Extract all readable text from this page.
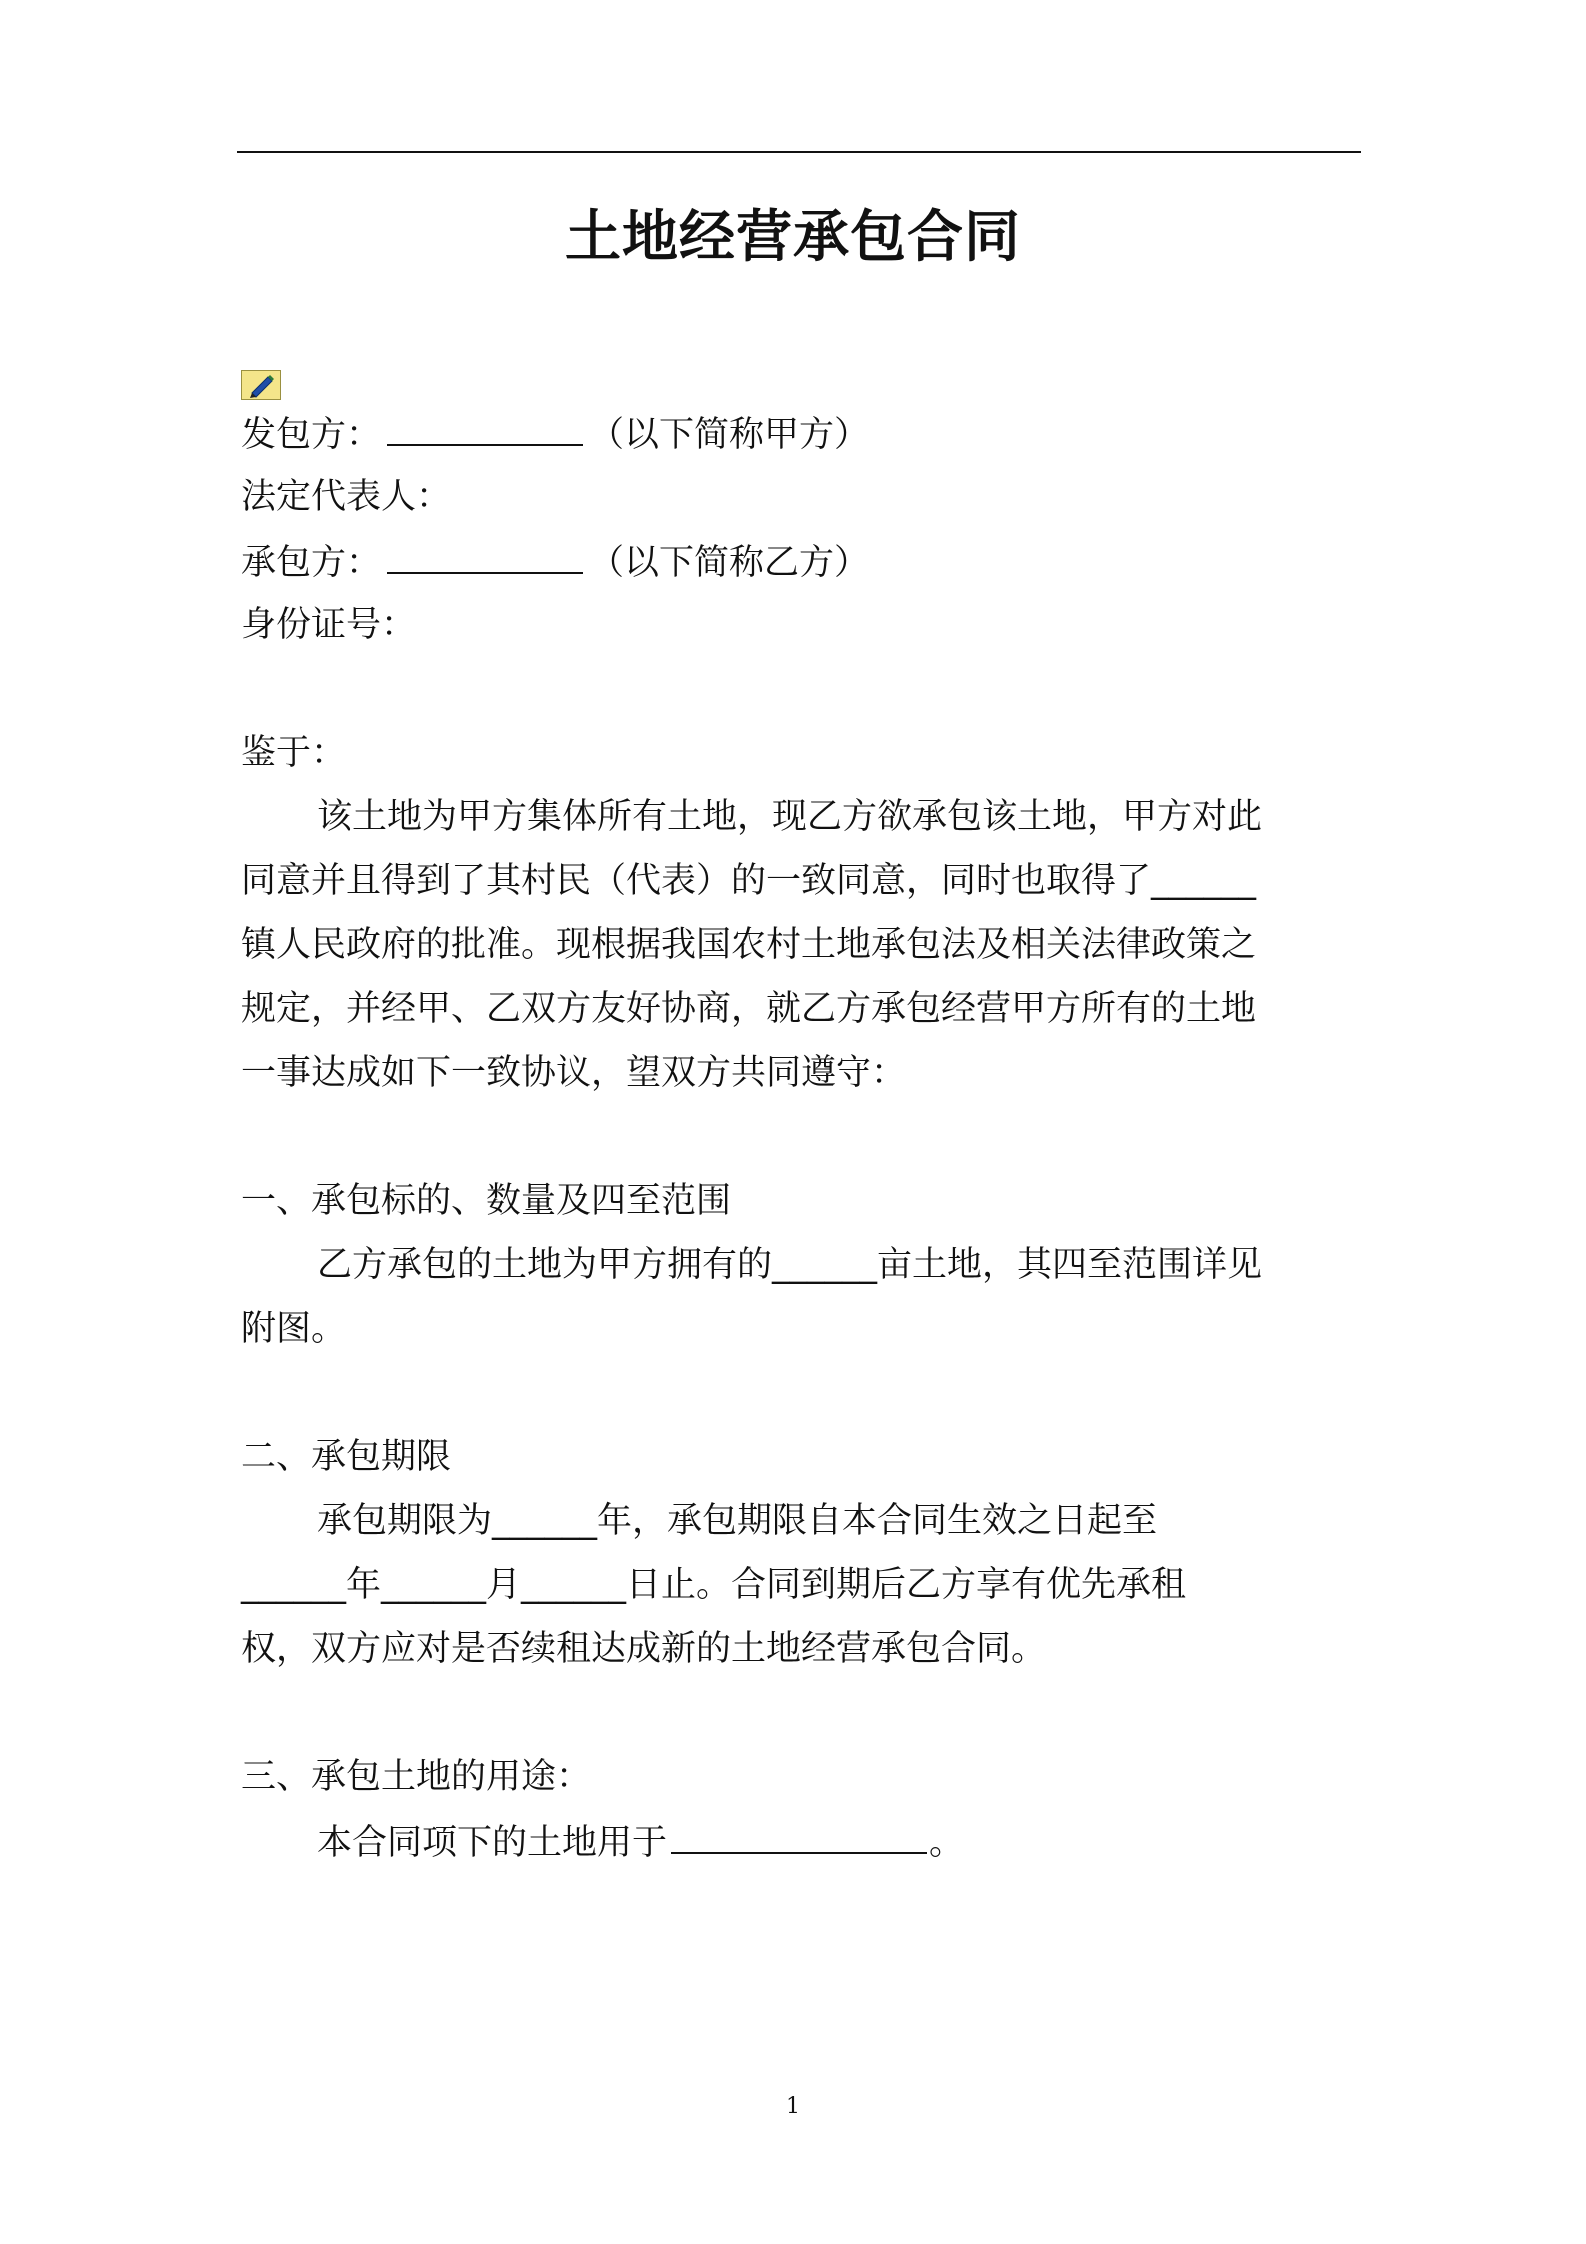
土地经营承包合同
发包方：	（以下简称甲方）
法定代表人：
承包方：	（以下简称乙方）
身份证号：
鉴于：
该土地为甲方集体所有土地，现乙方欲承包该土地，甲方对此
同意并且得到了其村民（代表）的一致同意，同时也取得了______
镇人民政府的批准。现根据我国农村土地承包法及相关法律政策之
规定，并经甲、乙双方友好协商，就乙方承包经营甲方所有的土地
一事达成如下一致协议，望双方共同遵守：
一、承包标的、数量及四至范围
乙方承包的土地为甲方拥有的______亩土地，其四至范围详见
附图。
二、承包期限
承包期限为______年，承包期限自本合同生效之日起至
______年______月______日止。合同到期后乙方享有优先承租
权，双方应对是否续租达成新的土地经营承包合同。
三、承包土地的用途：
本合同项下的土地用于	。
1
